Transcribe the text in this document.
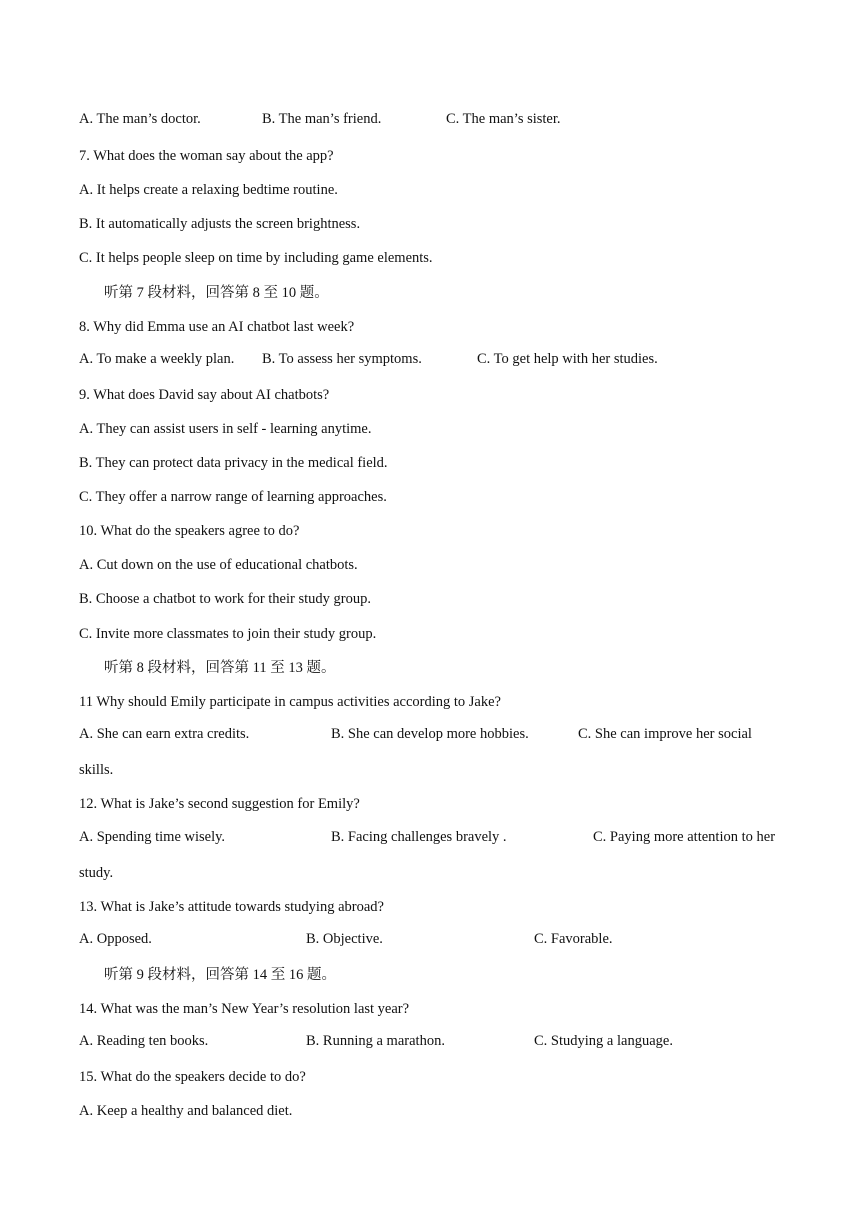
A. The man’s doctor.	B. The man’s friend.	C. The man’s sister.
7. What does the woman say about the app?
A. It helps create a relaxing bedtime routine.
B. It automatically adjusts the screen brightness.
C. It helps people sleep on time by including game elements.
听第 7 段材料，回答第 8 至 10 题。
8. Why did Emma use an AI chatbot last week?
A. To make a weekly plan. B. To assess her symptoms.	C. To get help with her studies.
9. What does David say about AI chatbots?
A. They can assist users in self - learning anytime.
B. They can protect data privacy in the medical field.
C. They offer a narrow range of learning approaches.
10. What do the speakers agree to do?
A. Cut down on the use of educational chatbots.
B. Choose a chatbot to work for their study group.
C. Invite more classmates to join their study group.
听第 8 段材料，回答第 11 至 13 题。
11 Why should Emily participate in campus activities according to Jake?
A. She can earn extra credits.	B. She can develop more hobbies.	C. She can improve her social
skills.
12. What is Jake’s second suggestion for Emily?
A. Spending time wisely.	B. Facing challenges bravely .	C. Paying more attention to her
study.
13. What is Jake’s attitude towards studying abroad?
A. Opposed.	B. Objective.	C. Favorable.
听第 9 段材料，回答第 14 至 16 题。
14. What was the man’s New Year’s resolution last year?
A. Reading ten books.	B. Running a marathon.	C. Studying a language.
15. What do the speakers decide to do?
A. Keep a healthy and balanced diet.
